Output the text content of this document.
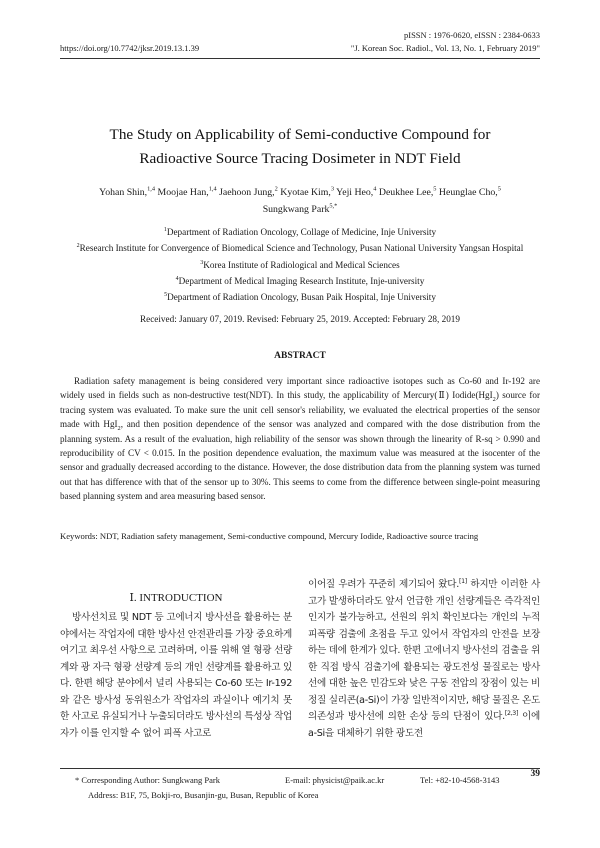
pISSN : 1976-0620, eISSN : 2384-0633
https://doi.org/10.7742/jksr.2019.13.1.39	"J. Korean Soc. Radiol., Vol. 13, No. 1, February 2019"
The Study on Applicability of Semi-conductive Compound for
Radioactive Source Tracing Dosimeter in NDT Field
Yohan Shin,$^{1,4}$ Moojae Han,$^{1,4}$ Jaehoon Jung,$^2$ Kyotae Kim,$^3$ Yeji Heo,$^4$ Deukhee Lee,$^5$ Heunglae Cho,$^5$
Sungkwang Park$^{5,*}$
$^1$Department of Radiation Oncology, Collage of Medicine, Inje University
$^2$Research Institute for Convergence of Biomedical Science and Technology, Pusan National University Yangsan Hospital
$^3$Korea Institute of Radiological and Medical Sciences
$^4$Department of Medical Imaging Research Institute, Inje-university
$^5$Department of Radiation Oncology, Busan Paik Hospital, Inje University
Received: January 07, 2019. Revised: February 25, 2019. Accepted: February 28, 2019
ABSTRACT
Radiation safety management is being considered very important since radioactive isotopes such as Co-60 and Ir-192 are widely used in fields such as non-destructive test(NDT). In this study, the applicability of Mercury(Ⅱ) Iodide(HgI$_2$) source for tracing system was evaluated. To make sure the unit cell sensor's reliability, we evaluated the electrical properties of the sensor made with HgI$_2$, and then position dependence of the sensor was analyzed and compared with the dose distribution from the planning system. As a result of the evaluation, high reliability of the sensor was shown through the linearity of R-sq > 0.990 and reproducibility of CV < 0.015. In the position dependence evaluation, the maximum value was measured at the isocenter of the sensor and gradually decreased according to the distance. However, the dose distribution data from the planning system was turned out that has difference with that of the sensor up to 30%. This seems to come from the difference between single-point measuring based planning system and area measuring based sensor.
Keywords: NDT, Radiation safety management, Semi-conductive compound, Mercury Iodide, Radioactive source tracing
Ⅰ. INTRODUCTION
방사선치료 및 NDT 등 고에너지 방사선을 활용하는 분야에서는 작업자에 대한 방사선 안전관리를 가장 중요하게 여기고 최우선 사항으로 고려하며, 이를 위해 열 형광 선량계와 광 자극 형광 선량계 등의 개인 선량계를 활용하고 있다. 한편 해당 분야에서 널리 사용되는 Co-60 또는 Ir-192와 같은 방사성 동위원소가 작업자의 과실이나 예기치 못한 사고로 유실되거나 누출되더라도 방사선의 특성상 작업자가 이를 인지할 수 없어 피폭 사고로
이어질 우려가 꾸준히 제기되어 왔다.[1] 하지만 이러한 사고가 발생하더라도 앞서 언급한 개인 선량계들은 즉각적인 인지가 불가능하고, 선원의 위치 확인보다는 개인의 누적피폭량 검출에 초점을 두고 있어서 작업자의 안전을 보장하는 데에 한계가 있다. 한편 고에너지 방사선의 검출을 위한 직접 방식 검출기에 활용되는 광도전성 물질로는 방사선에 대한 높은 민감도와 낮은 구동 전압의 장점이 있는 비정질 실리콘(a-Si)이 가장 일반적이지만, 해당 물질은 온도 의존성과 방사선에 의한 손상 등의 단점이 있다.[2,3] 이에 a-Si을 대체하기 위한 광도전
* Corresponding Author: Sungkwang Park	E-mail: physicist@paik.ac.kr	Tel: +82-10-4568-3143
Address: B1F, 75, Bokji-ro, Busanjin-gu, Busan, Republic of Korea
39
